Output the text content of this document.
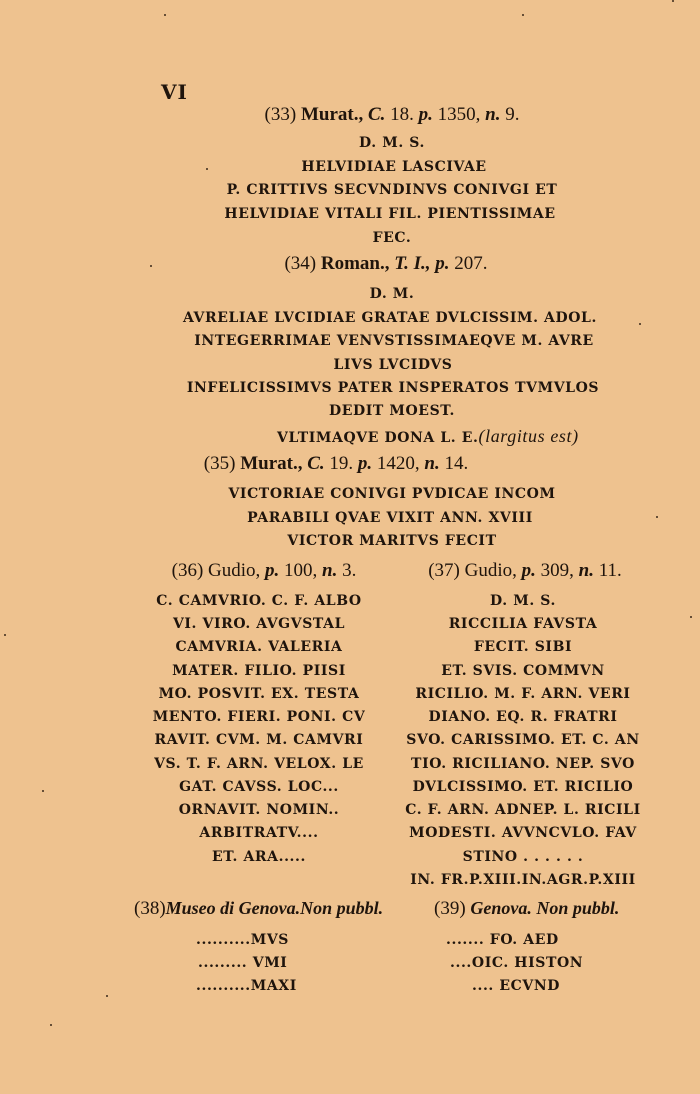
VI
(33) Murat., C. 18. p. 1350, n. 9.
D. M. S.
HELVIDIAE LASCIVAE
P. CRITTIVS SECVNDINVS CONIVGI ET
HELVIDIAE VITALI FIL. PIENTISSIMAE
FEC.
(34) Roman., T. I., p. 207.
D. M.
AVRELIAE LVCIDIAE GRATAE DVLCISSIM. ADOL.
INTEGERRIMAE VENVSTISSIMAEQVE M. AVRE
LIVS LVCIDVS
INFELICISSIMVS PATER INSPERATOS TVMVLOS
DEDIT MOEST.
VLTIMAQVE DONA L. E.(largitus est)
(35) Murat., C. 19. p. 1420, n. 14.
VICTORIAE CONIVGI PVDICAE INCOM
PARABILI QVAE VIXIT ANN. XVIII
VICTOR MARITVS FECIT
(36) Gudio, p. 100, n. 3.	(37) Gudio, p. 309, n. 11.
C. CAMVRIO. C. F. ALBO
VI. VIRO. AVGVSTAL
CAMVRIA. VALERIA
MATER. FILIO. PIISI
MO. POSVIT. EX. TESTA
MENTO. FIERI. PONI. CV
RAVIT. CVM. M. CAMVRI
VS. T. F. ARN. VELOX. LE
GAT. CAVSS. LOC...
ORNAVIT. NOMIN..
ARBITRATV....
ET. ARA.....
D. M. S.
RICCILIA FAVSTA
FECIT. SIBI
ET. SVIS. COMMVN
RICILIO. M. F. ARN. VERI
DIANO. EQ. R. FRATRI
SVO. CARISSIMO. ET. C. AN
TIO. RICILIANO. NEP. SVO
DVLCISSIMO. ET. RICILIO
C. F. ARN. ADNEP. L. RICILI
MODESTI. AVVNCVLO. FAV
STINO . . . . . .
IN. FR.P.XIII.IN.AGR.P.XIII
(38)Museo di Genova.Non pubbl.	(39) Genova. Non pubbl.
..........MVS
......... VMI
..........MAXI
....... FO. AED
....OIC. HISTON
.... ECVND
